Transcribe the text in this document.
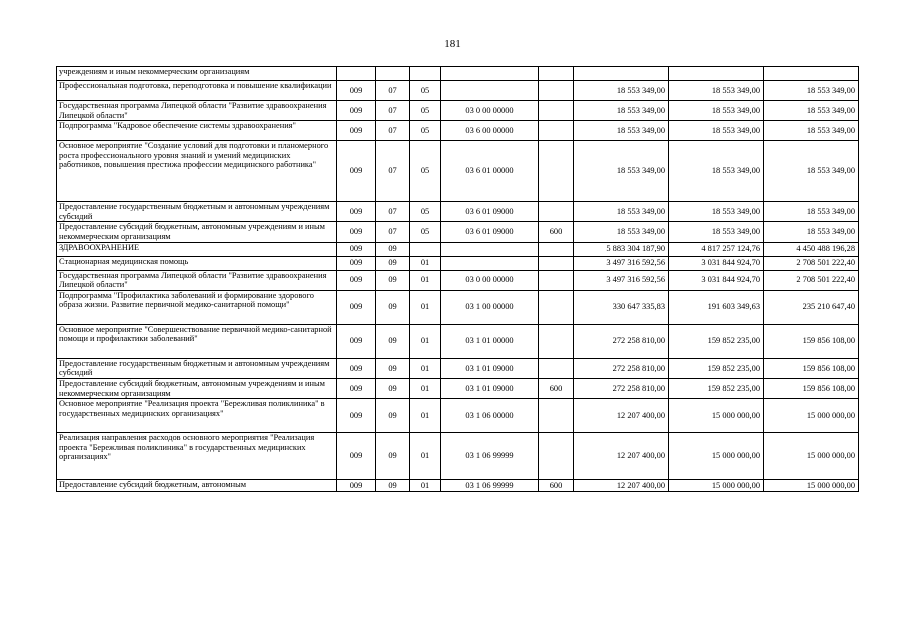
181
учреждениям и иным некоммерческим организациям								
Профессиональная подготовка, переподготовка и повышение квалификации	009	07	05			18 553 349,00	18 553 349,00	18 553 349,00
Государственная программа Липецкой области "Развитие здравоохранения Липецкой области"	009	07	05	03 0 00 00000		18 553 349,00	18 553 349,00	18 553 349,00
Подпрограмма "Кадровое обеспечение системы здравоохранения"	009	07	05	03 6 00 00000		18 553 349,00	18 553 349,00	18 553 349,00
Основное мероприятие "Создание условий для подготовки и планомерного роста профессионального уровня знаний и умений медицинских работников, повышения престижа профессии медицинского работника"	009	07	05	03 6 01 00000		18 553 349,00	18 553 349,00	18 553 349,00
Предоставление государственным бюджетным и автономным учреждениям субсидий	009	07	05	03 6 01 09000		18 553 349,00	18 553 349,00	18 553 349,00
Предоставление субсидий бюджетным, автономным учреждениям и иным некоммерческим организациям	009	07	05	03 6 01 09000	600	18 553 349,00	18 553 349,00	18 553 349,00
ЗДРАВООХРАНЕНИЕ	009	09				5 883 304 187,90	4 817 257 124,76	4 450 488 196,28
Стационарная медицинская помощь	009	09	01			3 497 316 592,56	3 031 844 924,70	2 708 501 222,40
Государственная программа Липецкой области "Развитие здравоохранения Липецкой области"	009	09	01	03 0 00 00000		3 497 316 592,56	3 031 844 924,70	2 708 501 222,40
Подпрограмма "Профилактика заболеваний и формирование здорового образа жизни. Развитие первичной медико-санитарной помощи"	009	09	01	03 1 00 00000		330 647 335,83	191 603 349,63	235 210 647,40
Основное мероприятие "Совершенствование первичной медико-санитарной помощи и профилактики заболеваний"	009	09	01	03 1 01 00000		272 258 810,00	159 852 235,00	159 856 108,00
Предоставление государственным бюджетным и автономным учреждениям субсидий	009	09	01	03 1 01 09000		272 258 810,00	159 852 235,00	159 856 108,00
Предоставление субсидий бюджетным, автономным учреждениям и иным некоммерческим организациям	009	09	01	03 1 01 09000	600	272 258 810,00	159 852 235,00	159 856 108,00
Основное мероприятие "Реализация проекта "Бережливая поликлиника" в государственных медицинских организациях"	009	09	01	03 1 06 00000		12 207 400,00	15 000 000,00	15 000 000,00
Реализация направления расходов основного мероприятия "Реализация проекта "Бережливая поликлиника" в государственных медицинских организациях"	009	09	01	03 1 06 99999		12 207 400,00	15 000 000,00	15 000 000,00
Предоставление субсидий бюджетным, автономным	009	09	01	03 1 06 99999	600	12 207 400,00	15 000 000,00	15 000 000,00
